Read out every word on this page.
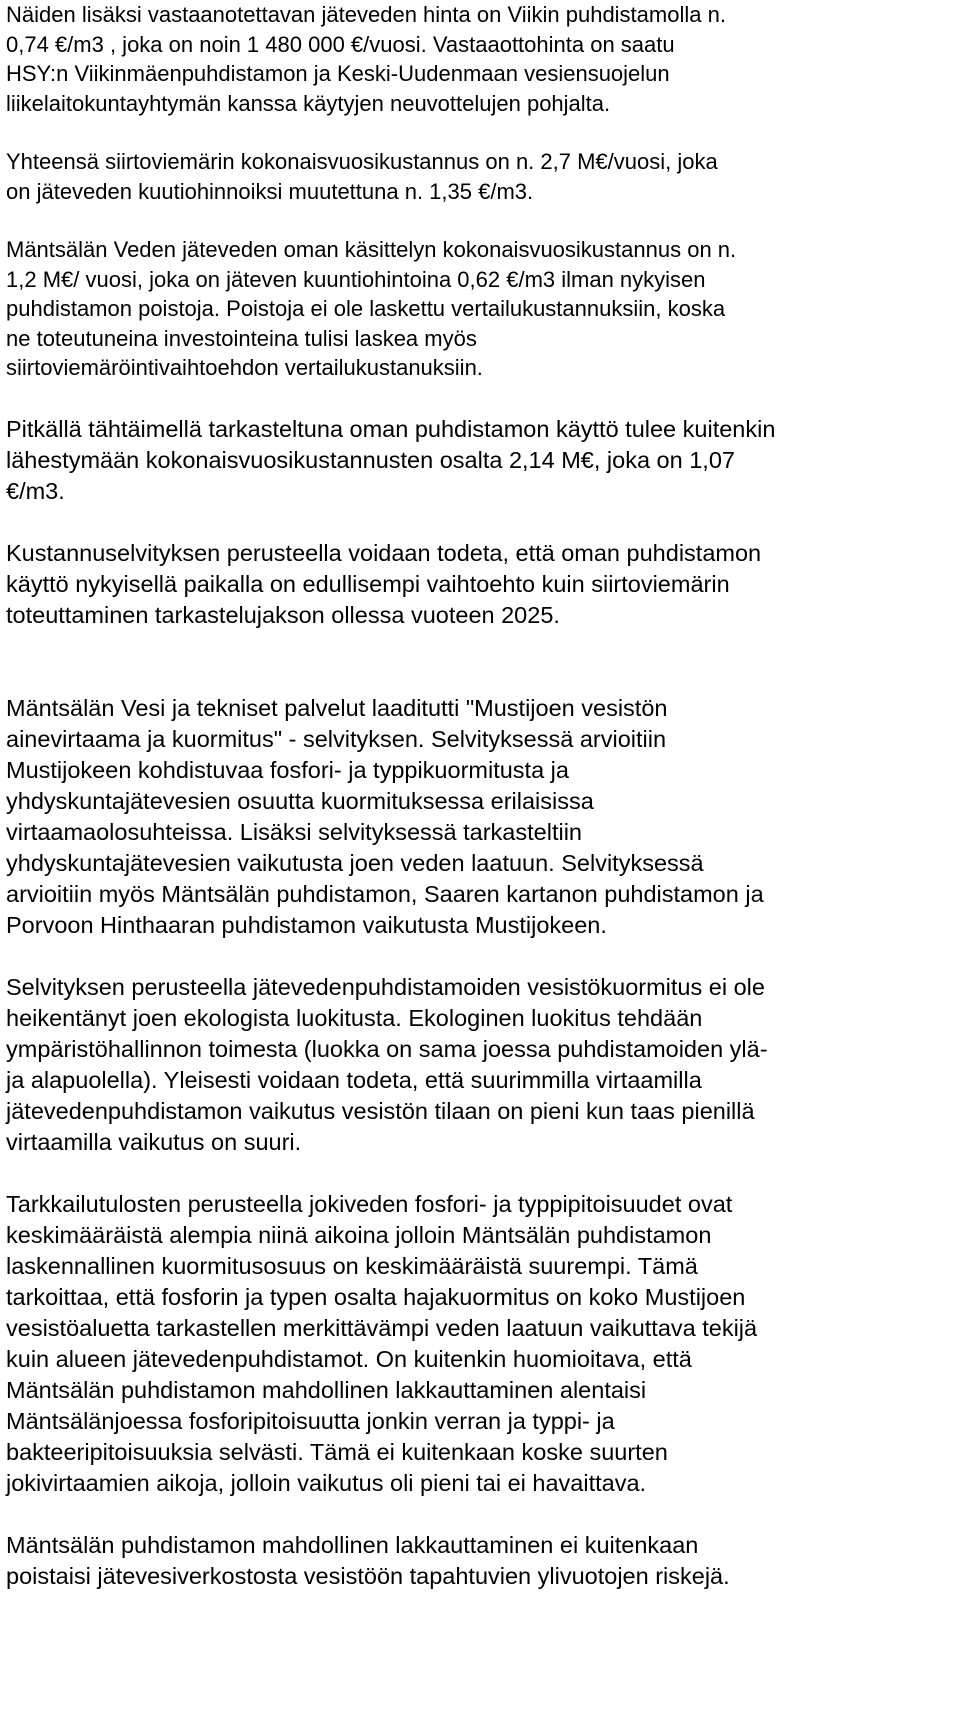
Näiden lisäksi vastaanotettavan jäteveden hinta on Viikin puhdistamolla n.
0,74 €/m3 , joka on noin 1 480 000 €/vuosi. Vastaaottohinta on saatu
HSY:n Viikinmäenpuhdistamon ja Keski-Uudenmaan vesiensuojelun
liikelaitokuntayhtymän kanssa käytyjen neuvottelujen pohjalta.

Yhteensä siirtoviemärin kokonaisvuosikustannus on n. 2,7 M€/vuosi, joka
on jäteveden kuutiohinnoiksi muutettuna n. 1,35 €/m3.

Mäntsälän Veden jäteveden oman käsittelyn kokonaisvuosikustannus on n.
1,2 M€/ vuosi, joka on jäteven kuuntiohintoina 0,62 €/m3 ilman nykyisen
puhdistamon poistoja. Poistoja ei ole laskettu vertailukustannuksiin, koska
ne toteutuneina investointeina tulisi laskea myös
siirtoviemäröintivaihtoehdon vertailukustanuksiin.

Pitkällä tähtäimellä tarkasteltuna oman puhdistamon käyttö tulee kuitenkin
lähestymään kokonaisvuosikustannusten osalta 2,14 M€, joka on 1,07
€/m3.

Kustannuselvityksen perusteella voidaan todeta, että oman puhdistamon
käyttö nykyisellä paikalla on edullisempi vaihtoehto kuin siirtoviemärin
toteuttaminen tarkastelujakson ollessa vuoteen 2025.

Mäntsälän Vesi ja tekniset palvelut laaditutti "Mustijoen vesistön
ainevirtaama ja kuormitus" - selvityksen. Selvityksessä arvioitiin
Mustijokeen kohdistuvaa fosfori- ja typpikuormitusta ja
yhdyskuntajätevesien osuutta kuormituksessa erilaisissa
virtaamaolosuhteissa. Lisäksi selvityksessä tarkasteltiin
yhdyskuntajätevesien vaikutusta joen veden laatuun. Selvityksessä
arvioitiin myös Mäntsälän puhdistamon, Saaren kartanon puhdistamon ja
Porvoon Hinthaaran puhdistamon vaikutusta Mustijokeen.

Selvityksen perusteella jätevedenpuhdistamoiden vesistökuormitus ei ole
heikentänyt joen ekologista luokitusta. Ekologinen luokitus tehdään
ympäristöhallinnon toimesta (luokka on sama joessa puhdistamoiden ylä-
ja alapuolella). Yleisesti voidaan todeta, että suurimmilla virtaamilla
jätevedenpuhdistamon vaikutus vesistön tilaan on pieni kun taas pienillä
virtaamilla vaikutus on suuri.

Tarkkailutulosten perusteella jokiveden fosfori- ja typpipitoisuudet ovat
keskimääräistä alempia niinä aikoina jolloin Mäntsälän puhdistamon
laskennallinen kuormitusosuus on keskimääräistä suurempi. Tämä
tarkoittaa, että fosforin ja typen osalta hajakuormitus on koko Mustijoen
vesistöaluetta tarkastellen merkittävämpi veden laatuun vaikuttava tekijä
kuin alueen jätevedenpuhdistamot. On kuitenkin huomioitava, että
Mäntsälän puhdistamon mahdollinen lakkauttaminen alentaisi
Mäntsälänjoessa fosforipitoisuutta jonkin verran ja typpi- ja
bakteeripitoisuuksia selvästi. Tämä ei kuitenkaan koske suurten
jokivirtaamien aikoja, jolloin vaikutus oli pieni tai ei havaittava.

Mäntsälän puhdistamon mahdollinen lakkauttaminen ei kuitenkaan
poistaisi jätevesiverkostosta vesistöön tapahtuvien ylivuotojen riskejä.
